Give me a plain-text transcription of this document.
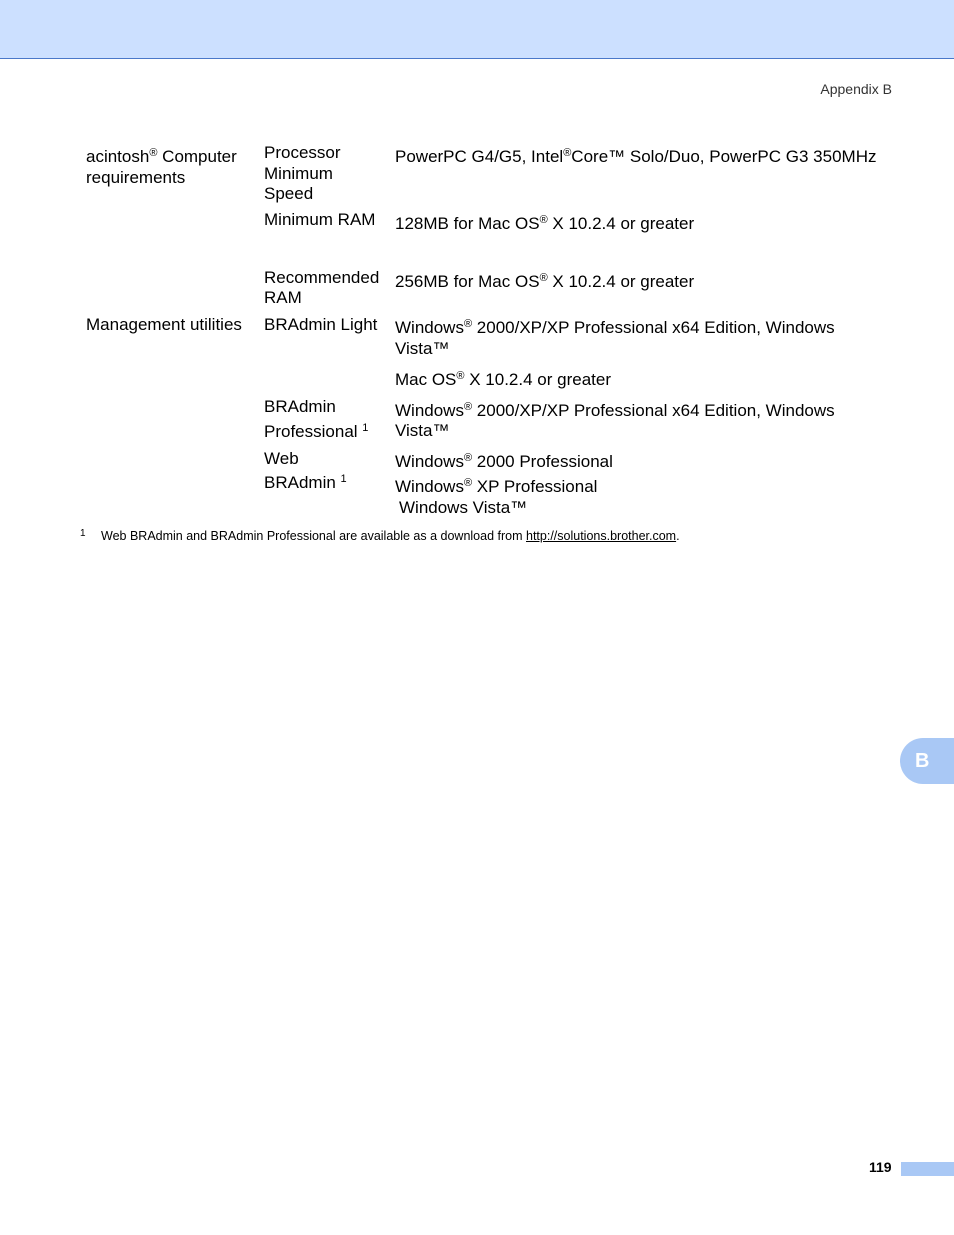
Appendix B
acintosh® Computer
requirements
Processor
Minimum
Speed
PowerPC G4/G5, Intel®Core™ Solo/Duo, PowerPC G3 350MHz
Minimum RAM 128MB for Mac OS® X 10.2.4 or greater
Recommended
RAM
256MB for Mac OS® X 10.2.4 or greater
Management utilities BRAdmin Light Windows® 2000/XP/XP Professional x64 Edition, Windows
Vista™
Mac OS® X 10.2.4 or greater
BRAdmin
Professional $^1$
Windows® 2000/XP/XP Professional x64 Edition, Windows
Vista™
Web
BRAdmin $^1$
Windows® 2000 Professional
Windows® XP Professional
Windows Vista™
1 Web BRAdmin and BRAdmin Professional are available as a download from http://solutions.brother.com.
B
119
